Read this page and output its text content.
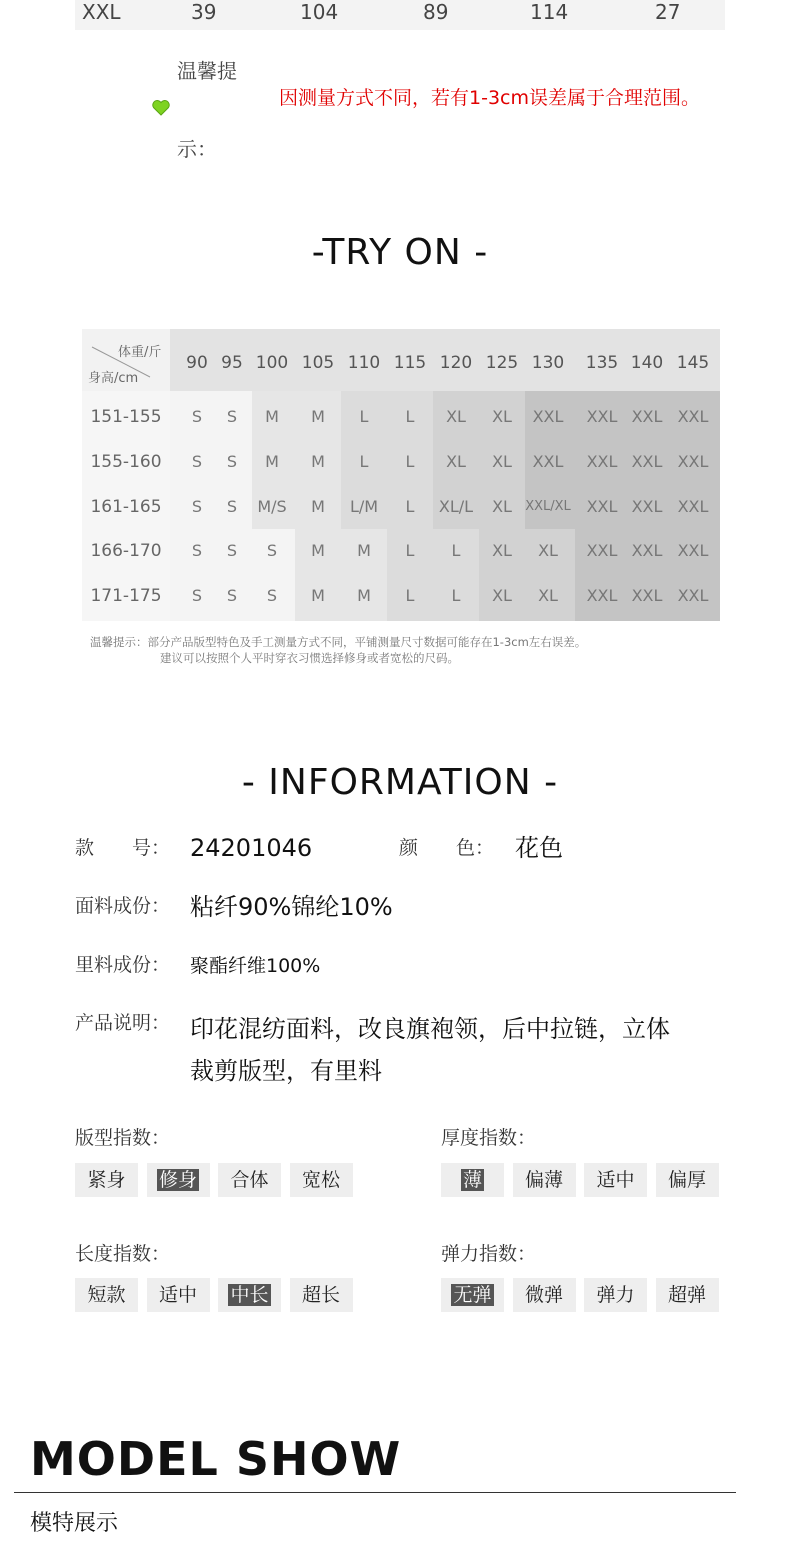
XXL	39	104	89	114	27
温馨提
示：
因测量方式不同，若有1-3cm误差属于合理范围。
-TRY ON -
体重/斤
身高/cm
90 95 100 105 110 115 120 125 130	135 140 145
151-155	S	S	M	M	L	L	XL	XL	XXL	XXL XXL XXL
155-160	S	S	M	M	L	L	XL	XL	XXL	XXL XXL XXL
161-165	S	S	M/S	M	L/M	L	XL/L	XL	XXL/XL XXL XXL XXL
166-170	S	S	S	M	M	L	L	XL	XL	XXL XXL XXL
171-175	S	S	S	M	M	L	L	XL	XL	XXL XXL XXL
温馨提示：部分产品版型特色及手工测量方式不同，平铺测量尺寸数据可能存在1-3cm左右误差。
建议可以按照个人平时穿衣习惯选择修身或者宽松的尺码。
- INFORMATION -
款　　号： 24201046	颜　　色： 花色
面料成份： 粘纤90%锦纶10%
里料成份： 聚酯纤维100%
产品说明： 印花混纺面料，改良旗袍领，后中拉链，立体
裁剪版型，有里料
版型指数：	厚度指数：
长度指数：	弹力指数：
紧身	修身	合体	宽松	薄	偏薄	适中	偏厚
短款	适中	中长	超长	无弹	微弹	弹力	超弹
MODEL SHOW
模特展示
